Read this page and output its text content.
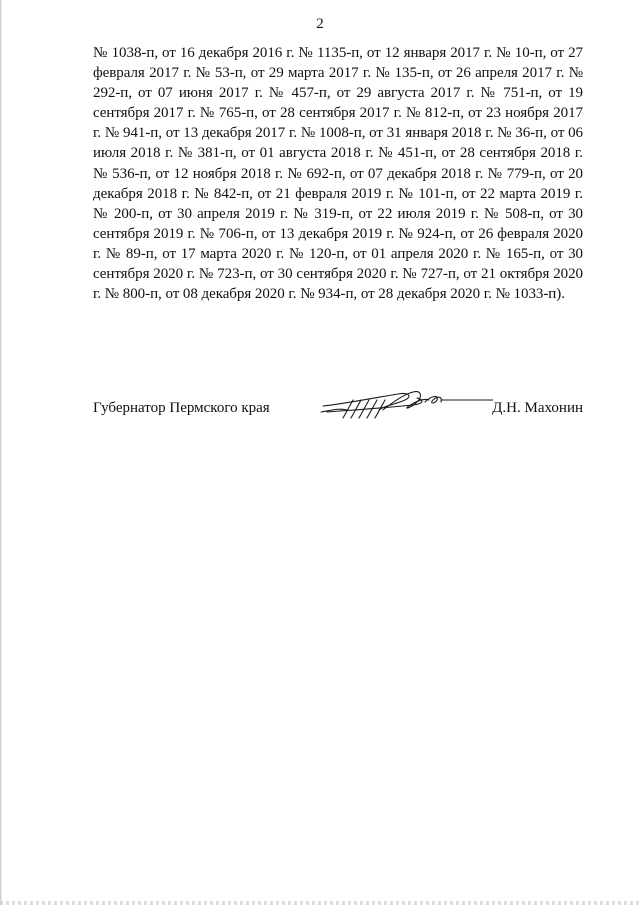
2

№ 1038-п, от 16 декабря 2016 г. № 1135-п, от 12 января 2017 г. № 10-п, от 27 февраля 2017 г. № 53-п, от 29 марта 2017 г. № 135-п, от 26 апреля 2017 г. № 292-п, от 07 июня 2017 г. № 457-п, от 29 августа 2017 г. № 751-п, от 19 сентября 2017 г. № 765-п, от 28 сентября 2017 г. № 812-п, от 23 ноября 2017 г. № 941-п, от 13 декабря 2017 г. № 1008-п, от 31 января 2018 г. № 36-п, от 06 июля 2018 г. № 381-п, от 01 августа 2018 г. № 451-п, от 28 сентября 2018 г. № 536-п, от 12 ноября 2018 г. № 692-п, от 07 декабря 2018 г. № 779-п, от 20 декабря 2018 г. № 842-п, от 21 февраля 2019 г. № 101-п, от 22 марта 2019 г. № 200-п, от 30 апреля 2019 г. № 319-п, от 22 июля 2019 г. № 508-п, от 30 сентября 2019 г. № 706-п, от 13 декабря 2019 г. № 924-п, от 26 февраля 2020 г. № 89-п, от 17 марта 2020 г. № 120-п, от 01 апреля 2020 г. № 165-п, от 30 сентября 2020 г. № 723-п, от 30 сентября 2020 г. № 727-п, от 21 октября 2020 г. № 800-п, от 08 декабря 2020 г. № 934-п, от 28 декабря 2020 г. № 1033-п).

Губернатор Пермского края	Д.Н. Махонин
